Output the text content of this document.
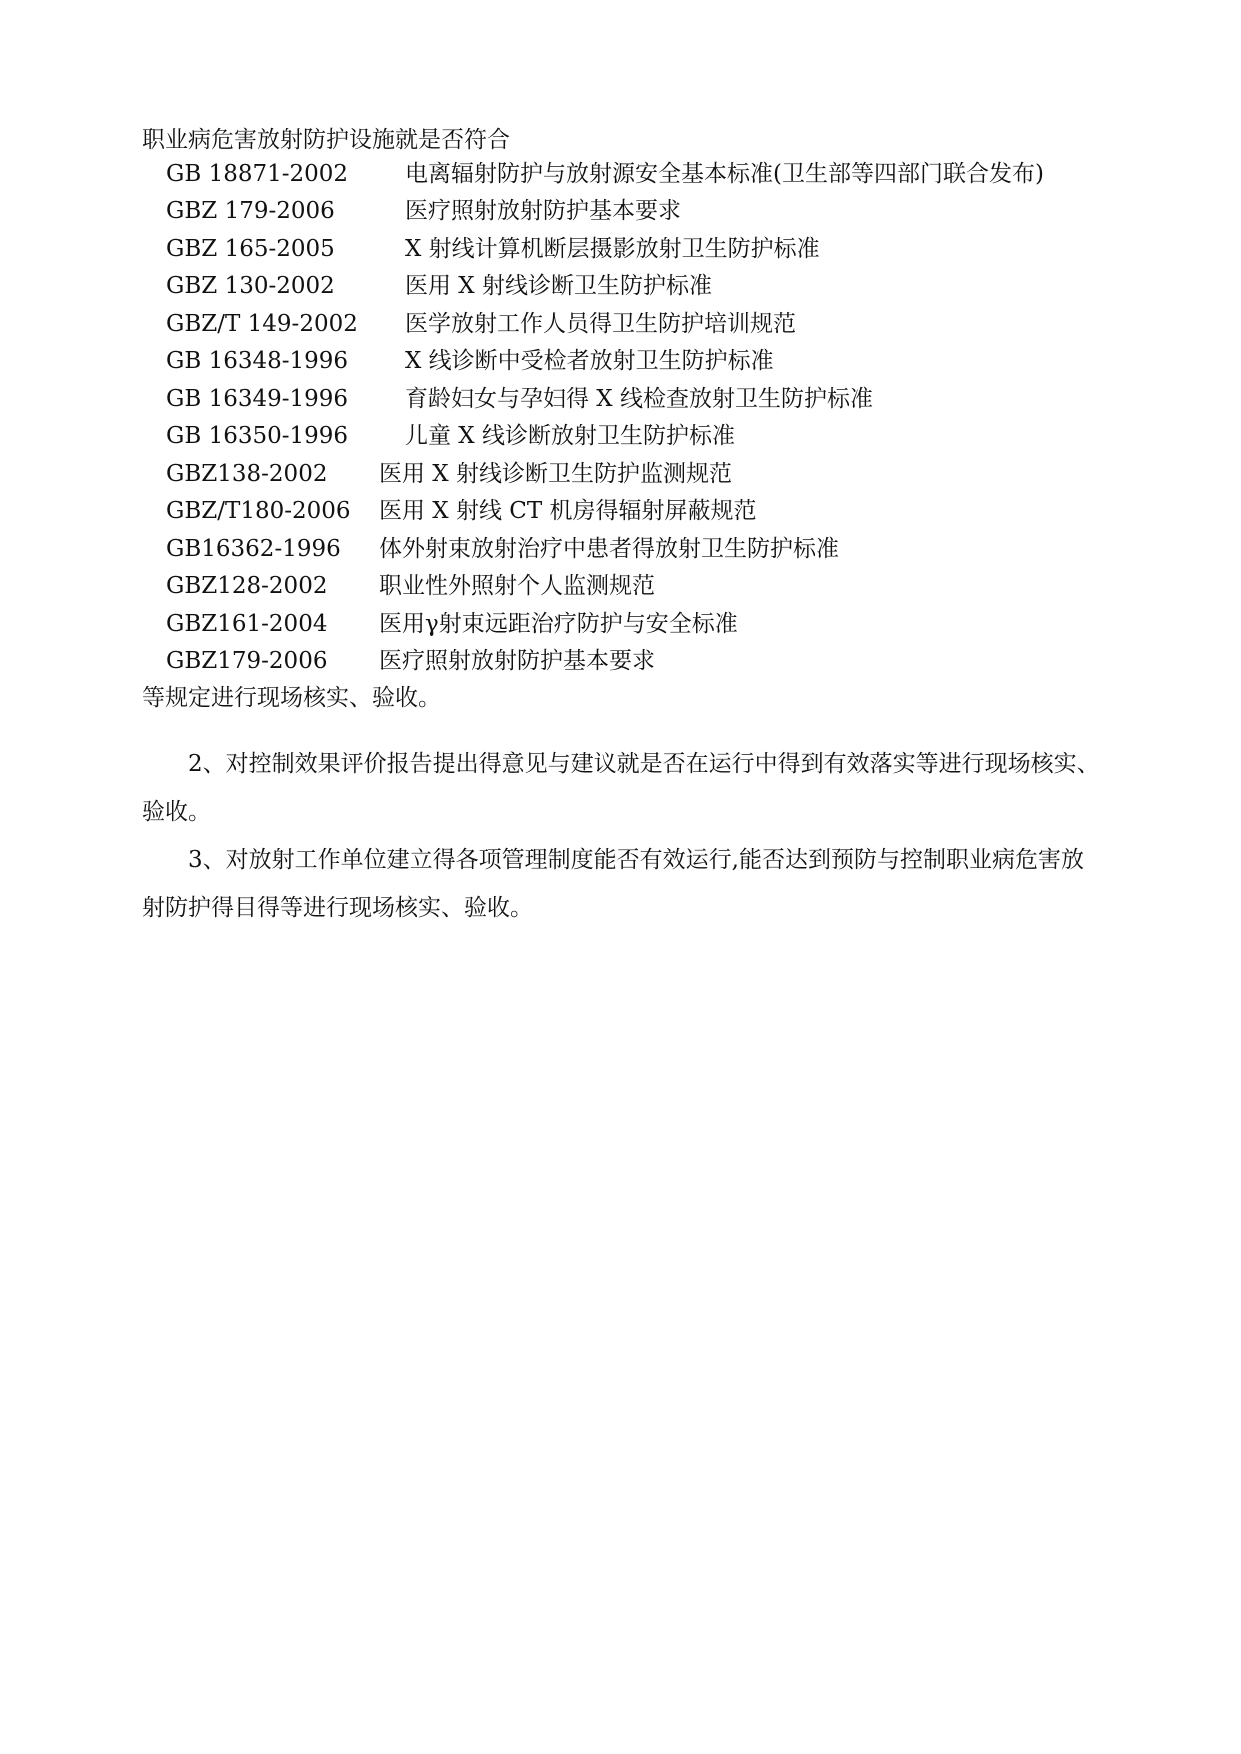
职业病危害放射防护设施就是否符合
GB 18871-2002 电离辐射防护与放射源安全基本标准(卫生部等四部门联合发布)
GBZ 179-2006	医疗照射放射防护基本要求
GBZ 165-2005	X 射线计算机断层摄影放射卫生防护标准
GBZ 130-2002	医用 X 射线诊断卫生防护标准
GBZ/T 149-2002 医学放射工作人员得卫生防护培训规范
GB 16348-1996 X 线诊断中受检者放射卫生防护标准
GB 16349-1996 育龄妇女与孕妇得 X 线检查放射卫生防护标准
GB 16350-1996 儿童 X 线诊断放射卫生防护标准
GBZ138-2002 医用 X 射线诊断卫生防护监测规范
GBZ/T180-2006 医用 X 射线 CT 机房得辐射屏蔽规范
GB16362-1996 体外射束放射治疗中患者得放射卫生防护标准
GBZ128-2002 职业性外照射个人监测规范
GBZ161-2004 医用γ射束远距治疗防护与安全标准
GBZ179-2006 医疗照射放射防护基本要求
等规定进行现场核实、验收。
2、对控制效果评价报告提出得意见与建议就是否在运行中得到有效落实等进行现场核实、验收。
3、对放射工作单位建立得各项管理制度能否有效运行,能否达到预防与控制职业病危害放射防护得目得等进行现场核实、验收。
